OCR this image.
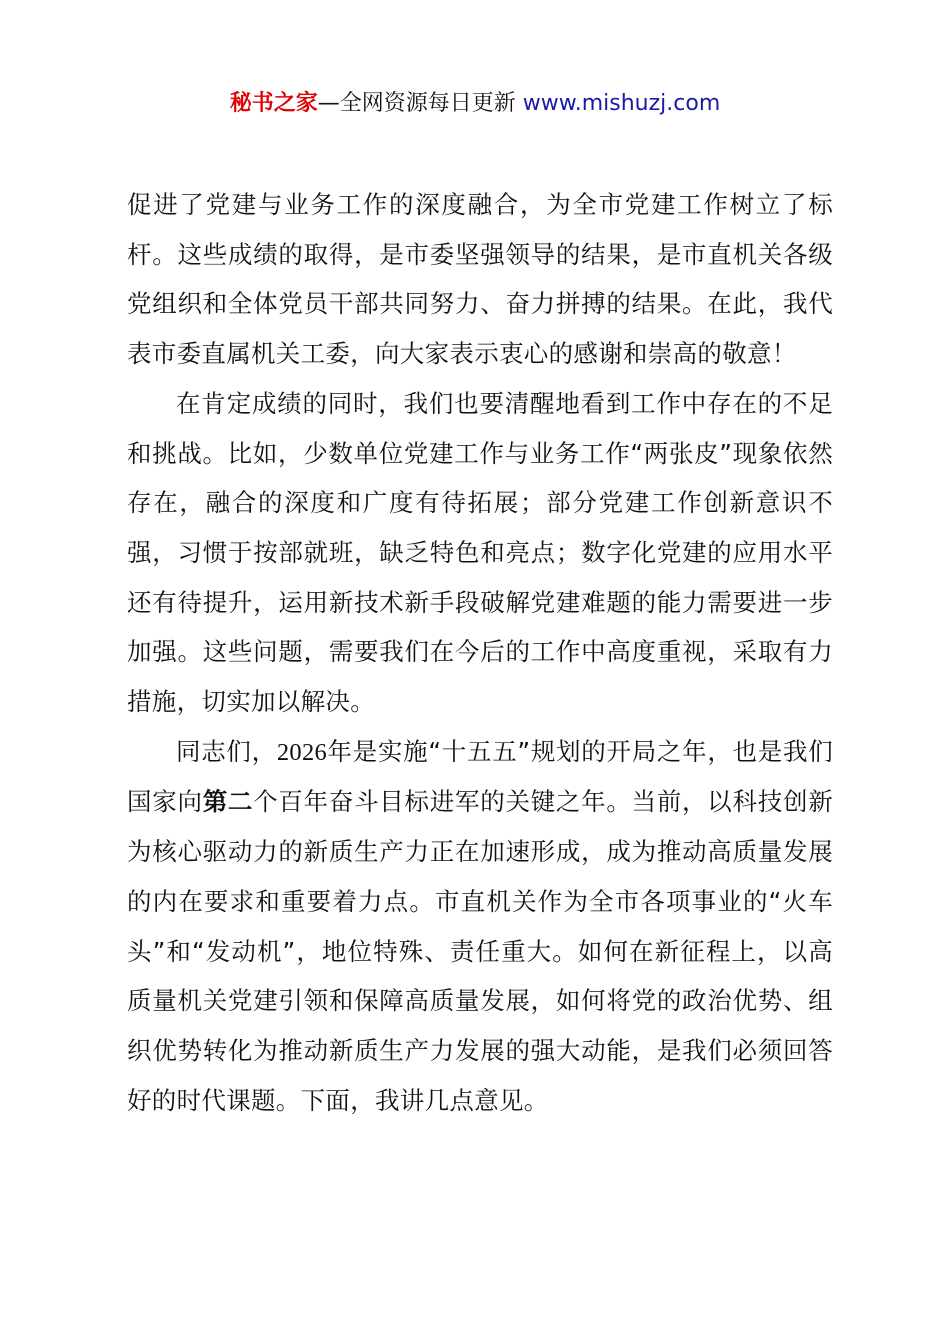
秘书之家—全网资源每日更新 www.mishuzj.com

促进了党建与业务工作的深度融合，为全市党建工作树立了标杆。这些成绩的取得，是市委坚强领导的结果，是市直机关各级党组织和全体党员干部共同努力、奋力拼搏的结果。在此，我代表市委直属机关工委，向大家表示衷心的感谢和崇高的敬意！

在肯定成绩的同时，我们也要清醒地看到工作中存在的不足和挑战。比如，少数单位党建工作与业务工作“两张皮”现象依然存在，融合的深度和广度有待拓展；部分党建工作创新意识不强，习惯于按部就班，缺乏特色和亮点；数字化党建的应用水平还有待提升，运用新技术新手段破解党建难题的能力需要进一步加强。这些问题，需要我们在今后的工作中高度重视，采取有力措施，切实加以解决。

同志们，2026年是实施“十五五”规划的开局之年，也是我们国家向第二个百年奋斗目标进军的关键之年。当前，以科技创新为核心驱动力的新质生产力正在加速形成，成为推动高质量发展的内在要求和重要着力点。市直机关作为全市各项事业的“火车头”和“发动机”，地位特殊、责任重大。如何在新征程上，以高质量机关党建引领和保障高质量发展，如何将党的政治优势、组织优势转化为推动新质生产力发展的强大动能，是我们必须回答好的时代课题。下面，我讲几点意见。
